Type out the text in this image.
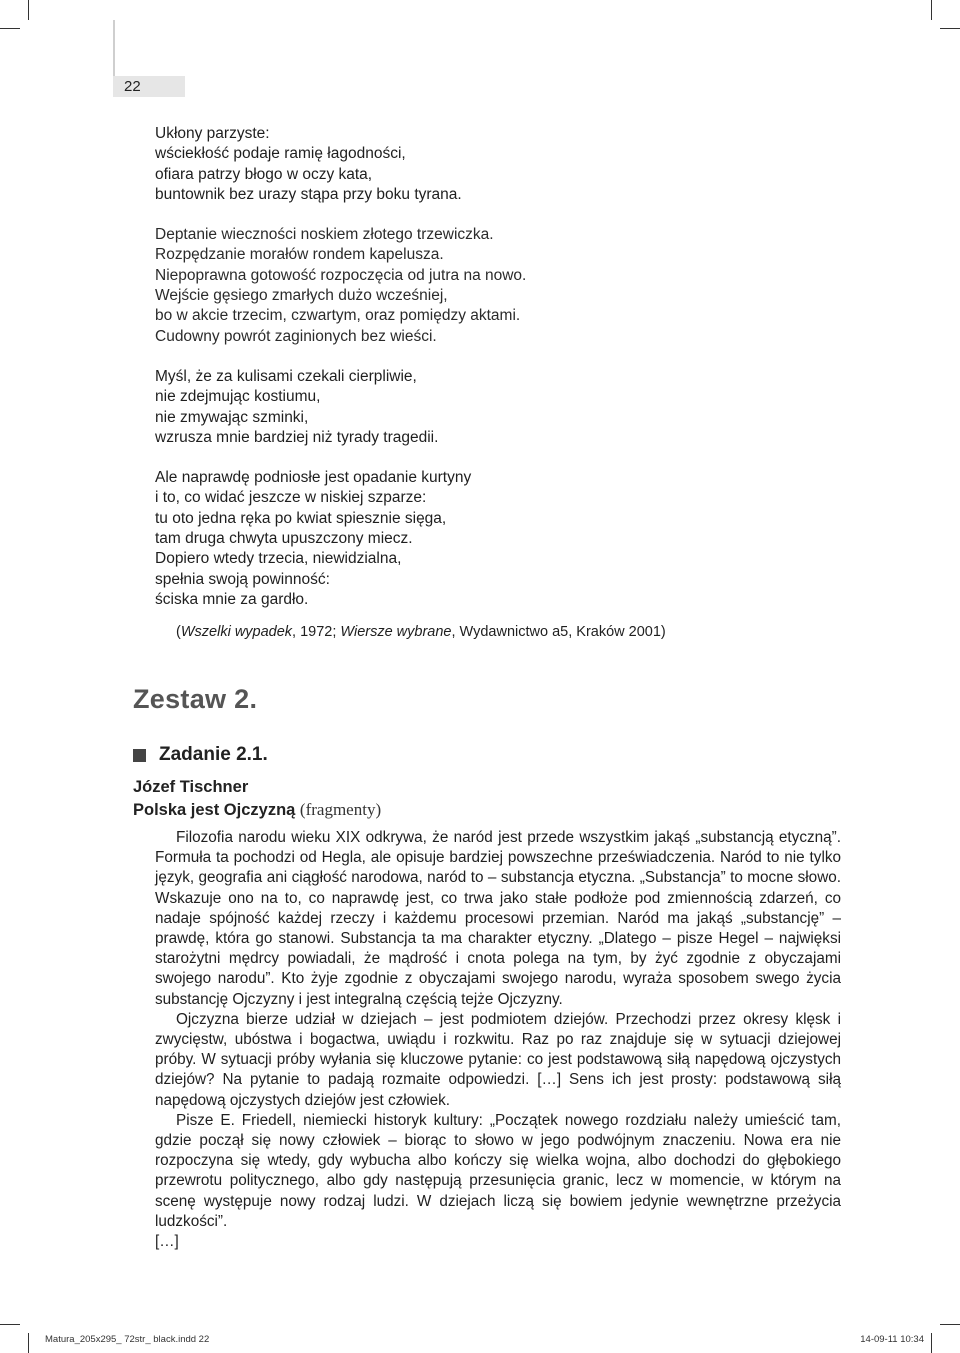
22
Ukłony parzyste:
wściekłość podaje ramię łagodności,
ofiara patrzy błogo w oczy kata,
buntownik bez urazy stąpa przy boku tyrana.
Deptanie wieczności noskiem złotego trzewiczka.
Rozpędzanie morałów rondem kapelusza.
Niepoprawna gotowość rozpoczęcia od jutra na nowo.
Wejście gęsiego zmarłych dużo wcześniej,
bo w akcie trzecim, czwartym, oraz pomiędzy aktami.
Cudowny powrót zaginionych bez wieści.
Myśl, że za kulisami czekali cierpliwie,
nie zdejmując kostiumu,
nie zmywając szminki,
wzrusza mnie bardziej niż tyrady tragedii.
Ale naprawdę podniosłe jest opadanie kurtyny
i to, co widać jeszcze w niskiej szparze:
tu oto jedna ręka po kwiat spiesznie sięga,
tam druga chwyta upuszczony miecz.
Dopiero wtedy trzecia, niewidzialna,
spełnia swoją powinność:
ściska mnie za gardło.
(Wszelki wypadek, 1972; Wiersze wybrane, Wydawnictwo a5, Kraków 2001)
Zestaw 2.
Zadanie 2.1.
Józef Tischner
Polska jest Ojczyzną (fragmenty)

Filozofia narodu wieku XIX odkrywa, że naród jest przede wszystkim jakąś „substancją etyczną”. Formuła ta pochodzi od Hegla, ale opisuje bardziej powszechne przeświadczenia. Naród to nie tylko język, geografia ani ciągłość narodowa, naród to – substancja etyczna. „Substancja” to mocne słowo. Wskazuje ono na to, co naprawdę jest, co trwa jako stałe podłoże pod zmiennością zdarzeń, co nadaje spójność każdej rzeczy i każdemu procesowi przemian. Naród ma jakąś „substancję” – prawdę, która go stanowi. Substancja ta ma charakter etyczny. „Dlatego – pisze Hegel – najwięksi starożytni mędrcy powiadali, że mądrość i cnota polega na tym, by żyć zgodnie z obyczajami swojego narodu”. Kto żyje zgodnie z obyczajami swojego narodu, wyraża sposobem swego życia substancję Ojczyzny i jest integralną częścią tejże Ojczyzny.

Ojczyzna bierze udział w dziejach – jest podmiotem dziejów. Przechodzi przez okresy klęsk i zwycięstw, ubóstwa i bogactwa, uwiądu i rozkwitu. Raz po raz znajduje się w sytuacji dziejowej próby. W sytuacji próby wyłania się kluczowe pytanie: co jest podstawową siłą napędową ojczystych dziejów? Na pytanie to padają rozmaite odpowiedzi. […] Sens ich jest prosty: podstawową siłą napędową ojczystych dziejów jest człowiek.

Pisze E. Friedell, niemiecki historyk kultury: „Początek nowego rozdziału należy umieścić tam, gdzie począł się nowy człowiek – biorąc to słowo w jego podwójnym znaczeniu. Nowa era nie rozpoczyna się wtedy, gdy wybucha albo kończy się wielka wojna, albo dochodzi do głębokiego przewrotu politycznego, albo gdy następują przesunięcia granic, lecz w momencie, w którym na scenę występuje nowy rodzaj ludzi. W dziejach liczą się bowiem jedynie wewnętrzne przeżycia ludzkości”.

[…]

Matura_205x295_ 72str_ black.indd 22	14-09-11 10:34
